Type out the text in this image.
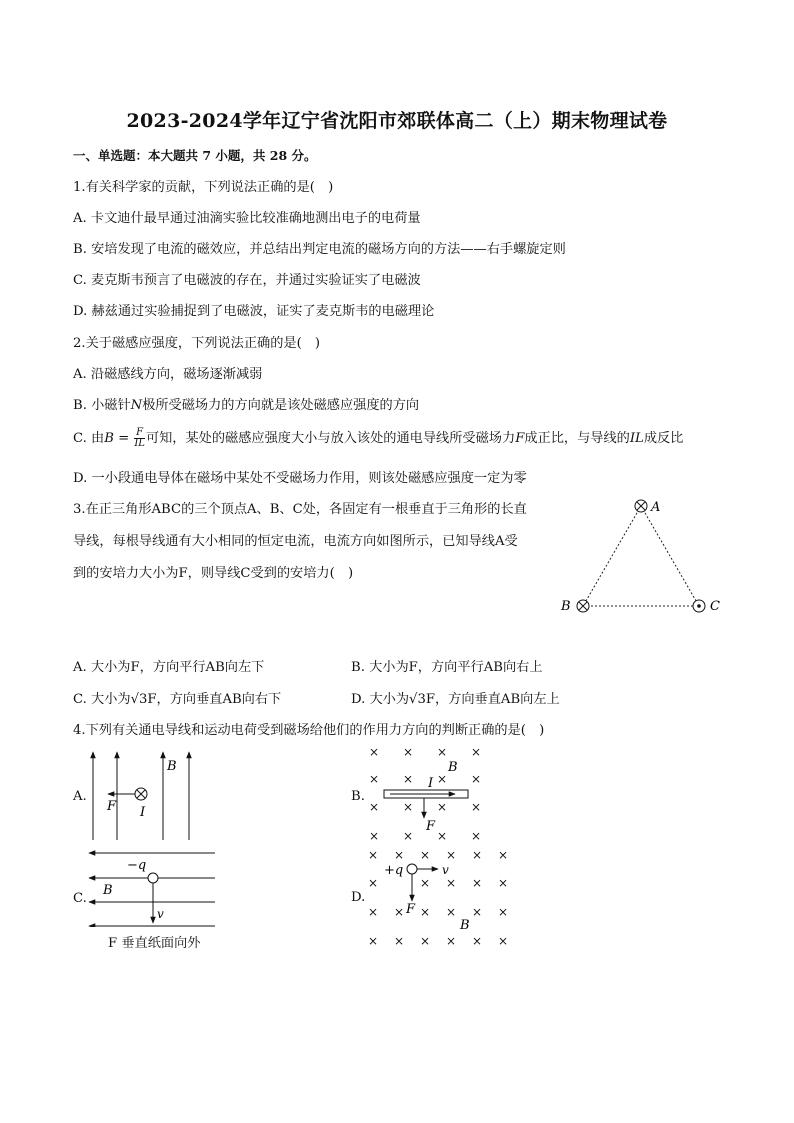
2023-2024学年辽宁省沈阳市郊联体高二（上）期末物理试卷
一、单选题：本大题共 7 小题，共 28 分。
1.有关科学家的贡献，下列说法正确的是(　)
A. 卡文迪什最早通过油滴实验比较准确地测出电子的电荷量
B. 安培发现了电流的磁效应，并总结出判定电流的磁场方向的方法——右手螺旋定则
C. 麦克斯韦预言了电磁波的存在，并通过实验证实了电磁波
D. 赫兹通过实验捕捉到了电磁波，证实了麦克斯韦的电磁理论
2.关于磁感应强度，下列说法正确的是(　)
A. 沿磁感线方向，磁场逐渐减弱
B. 小磁针N极所受磁场力的方向就是该处磁感应强度的方向
C. 由$B = \frac{F}{IL}$ 可知，某处的磁感应强度大小与放入该处的通电导线所受磁场力F成正比，与导线的IL成反比
D. 一小段通电导体在磁场中某处不受磁场力作用，则该处磁感应强度一定为零
3.在正三角形ABC的三个顶点A、B、C处，各固定有一根垂直于三角形的长直
导线，每根导线通有大小相同的恒定电流，电流方向如图所示，已知导线A受
到的安培力大小为F，则导线C受到的安培力(　)
A
B	C
A. 大小为F，方向平行AB向左下	B. 大小为F，方向平行AB向右上
C. 大小为√3F，方向垂直AB向右下	D. 大小为√3F，方向垂直AB向左上
4.下列有关通电导线和运动电荷受到磁场给他们的作用力方向的判断正确的是(　)
A.
B
F I
B.
× × × ×
× × × ×
× × × ×
× × × ×
B
I
F
C.
−q
B
v
F 垂直纸面向外
D.
× × × × × ×
×	× × × ×
× × × × × ×
× × × × × ×
+q	v
F
B
